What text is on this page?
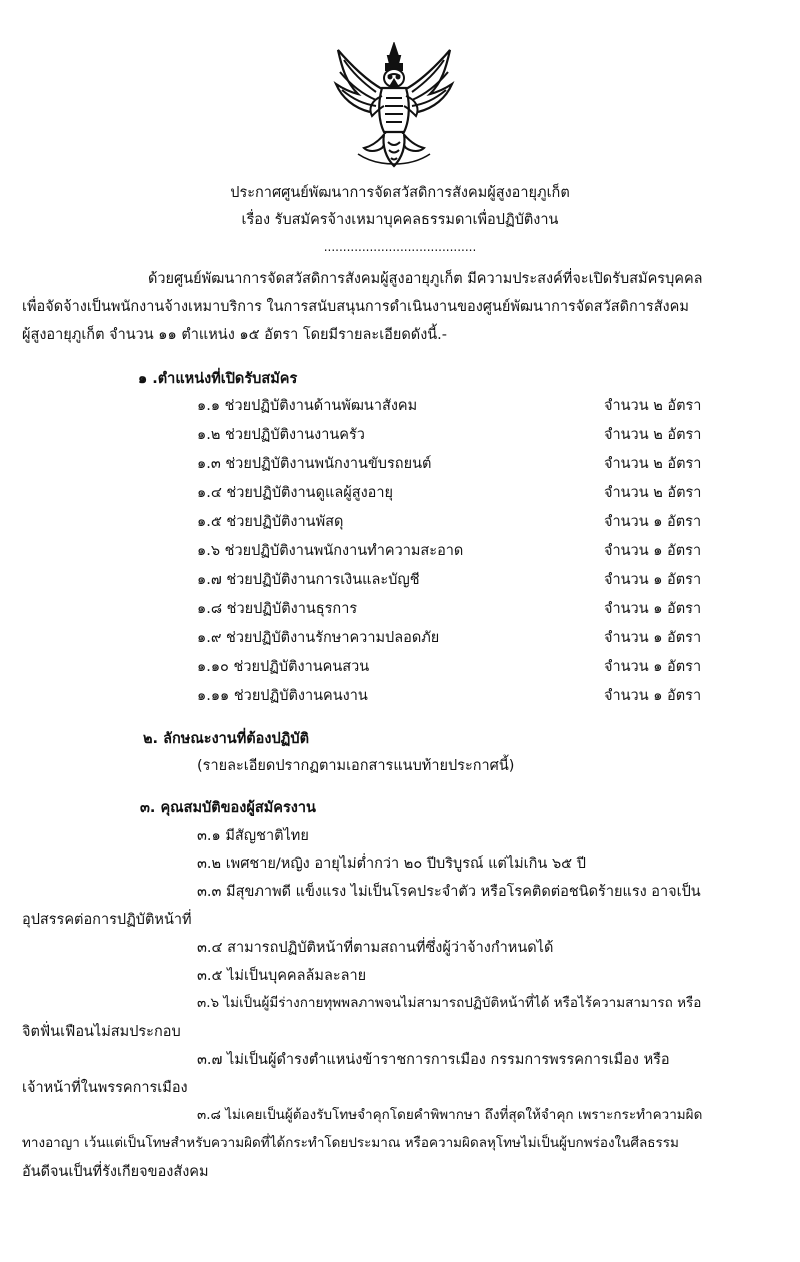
ประกาศศูนย์พัฒนาการจัดสวัสดิการสังคมผู้สูงอายุภูเก็ต
เรื่อง รับสมัครจ้างเหมาบุคคลธรรมดาเพื่อปฏิบัติงาน
........................................
ด้วยศูนย์พัฒนาการจัดสวัสดิการสังคมผู้สูงอายุภูเก็ต มีความประสงค์ที่จะเปิดรับสมัครบุคคล
เพื่อจัดจ้างเป็นพนักงานจ้างเหมาบริการ ในการสนับสนุนการดำเนินงานของศูนย์พัฒนาการจัดสวัสดิการสังคม
ผู้สูงอายุภูเก็ต จำนวน ๑๑ ตำแหน่ง ๑๕ อัตรา โดยมีรายละเอียดดังนี้.-
๑ .ตำแหน่งที่เปิดรับสมัคร
๑.๑ ช่วยปฏิบัติงานด้านพัฒนาสังคม	จำนวน ๒ อัตรา
๑.๒ ช่วยปฏิบัติงานงานครัว	จำนวน ๒ อัตรา
๑.๓ ช่วยปฏิบัติงานพนักงานขับรถยนต์	จำนวน ๒ อัตรา
๑.๔ ช่วยปฏิบัติงานดูแลผู้สูงอายุ	จำนวน ๒ อัตรา
๑.๕ ช่วยปฏิบัติงานพัสดุ	จำนวน ๑ อัตรา
๑.๖ ช่วยปฏิบัติงานพนักงานทำความสะอาด	จำนวน ๑ อัตรา
๑.๗ ช่วยปฏิบัติงานการเงินและบัญชี	จำนวน ๑ อัตรา
๑.๘ ช่วยปฏิบัติงานธุรการ	จำนวน ๑ อัตรา
๑.๙ ช่วยปฏิบัติงานรักษาความปลอดภัย	จำนวน ๑ อัตรา
๑.๑๐ ช่วยปฏิบัติงานคนสวน	จำนวน ๑ อัตรา
๑.๑๑ ช่วยปฏิบัติงานคนงาน	จำนวน ๑ อัตรา
๒. ลักษณะงานที่ต้องปฏิบัติ
(รายละเอียดปรากฏตามเอกสารแนบท้ายประกาศนี้)
๓. คุณสมบัติของผู้สมัครงาน
๓.๑ มีสัญชาติไทย
๓.๒ เพศชาย/หญิง อายุไม่ต่ำกว่า ๒๐ ปีบริบูรณ์ แต่ไม่เกิน ๖๕ ปี
๓.๓ มีสุขภาพดี แข็งแรง ไม่เป็นโรคประจำตัว หรือโรคติดต่อชนิดร้ายแรง อาจเป็น
อุปสรรคต่อการปฏิบัติหน้าที่
๓.๔ สามารถปฏิบัติหน้าที่ตามสถานที่ซึ่งผู้ว่าจ้างกำหนดได้
๓.๕ ไม่เป็นบุคคลล้มละลาย
๓.๖ ไม่เป็นผู้มีร่างกายทุพพลภาพจนไม่สามารถปฏิบัติหน้าที่ได้ หรือไร้ความสามารถ หรือ
จิตฟั่นเฟือนไม่สมประกอบ
๓.๗ ไม่เป็นผู้ดำรงตำแหน่งข้าราชการการเมือง กรรมการพรรคการเมือง หรือ
เจ้าหน้าที่ในพรรคการเมือง
๓.๘ ไม่เคยเป็นผู้ต้องรับโทษจำคุกโดยคำพิพากษา ถึงที่สุดให้จำคุก เพราะกระทำความผิด
ทางอาญา เว้นแต่เป็นโทษสำหรับความผิดที่ได้กระทำโดยประมาณ หรือความผิดลหุโทษไม่เป็นผู้บกพร่องในศีลธรรม
อันดีจนเป็นที่รังเกียจของสังคม
